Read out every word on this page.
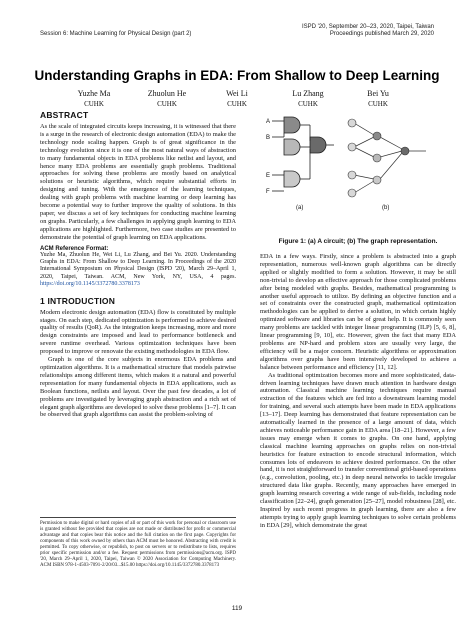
Session 6: Machine Learning for Physical Design (part 2)
ISPD '20, September 20–23, 2020, Taipei, Taiwan
Proceedings published March 29, 2020
Understanding Graphs in EDA: From Shallow to Deep Learning
Yuzhe Ma
CUHK
Zhuolun He
CUHK
Wei Li
CUHK
Lu Zhang
CUHK
Bei Yu
CUHK
ABSTRACT

As the scale of integrated circuits keeps increasing, it is witnessed that there is a surge in the research of electronic design automation (EDA) to make the technology node scaling happen. Graph is of great significance in the technology evolution since it is one of the most natural ways of abstraction to many fundamental objects in EDA problems like netlist and layout, and hence many EDA problems are essentially graph problems. Traditional approaches for solving these problems are mostly based on analytical solutions or heuristic algorithms, which require substantial efforts in designing and tuning. With the emergence of the learning techniques, dealing with graph problems with machine learning or deep learning has become a potential way to further improve the quality of solutions. In this paper, we discuss a set of key techniques for conducting machine learning on graphs. Particularly, a few challenges in applying graph learning to EDA applications are highlighted. Furthermore, two case studies are presented to demonstrate the potential of graph learning on EDA applications.

ACM Reference Format:

Yuzhe Ma, Zhuolun He, Wei Li, Lu Zhang, and Bei Yu. 2020. Understanding Graphs in EDA: From Shallow to Deep Learning. In Proceedings of the 2020 International Symposium on Physical Design (ISPD '20), March 29–April 1, 2020, Taipei, Taiwan. ACM, New York, NY, USA, 4 pages. https://doi.org/10.1145/3372780.3378173

1 INTRODUCTION

Modern electronic design automation (EDA) flow is constituted by multiple stages. On each step, dedicated optimization is performed to achieve desired quality of results (QoR). As the integration keeps increasing, more and more design constraints are imposed and lead to performance bottleneck and severe runtime overhead. Various optimization techniques have been proposed to improve or renovate the existing methodologies in EDA flow.

Graph is one of the core subjects in enormous EDA problems and optimization algorithms. It is a mathematical structure that models pairwise relationships among different items, which makes it a natural and powerful representation for many fundamental objects in EDA applications, such as Boolean functions, netlists and layout. Over the past few decades, a lot of problems are investigated by leveraging graph abstraction and a rich set of elegant graph algorithms are developed to solve these problems [1–7]. It can be observed that graph algorithms can assist the problem-solving of

Permission to make digital or hard copies of all or part of this work for personal or classroom use is granted without fee provided that copies are not made or distributed for profit or commercial advantage and that copies bear this notice and the full citation on the first page. Copyrights for components of this work owned by others than ACM must be honored. Abstracting with credit is permitted. To copy otherwise, or republish, to post on servers or to redistribute to lists, requires prior specific permission and/or a fee. Request permissions from permissions@acm.org. ISPD '20, March 29–April 1, 2020, Taipei, Taiwan © 2020 Association for Computing Machinery. ACM ISBN 978-1-4503-7091-2/20/03...$15.00 https://doi.org/10.1145/3372780.3378173

A
B
E
F
(a)	(b)
Figure 1: (a) A circuit; (b) The graph representation.

EDA in a few ways. Firstly, since a problem is abstracted into a graph representation, numerous well-known graph algorithms can be directly applied or slightly modified to form a solution. However, it may be still non-trivial to develop an effective approach for those complicated problems after being modeled with graphs. Besides, mathematical programming is another useful approach to utilize. By defining an objective function and a set of constraints over the constructed graph, mathematical optimization methodologies can be applied to derive a solution, in which certain highly optimized software and libraries can be of great help. It is commonly seen many problems are tackled with integer linear programming (ILP) [5, 6, 8], linear programming [9, 10], etc. However, given the fact that many EDA problems are NP-hard and problem sizes are usually very large, the efficiency will be a major concern. Heuristic algorithms or approximation algorithms over graphs have been intensively developed to achieve a balance between performance and efficiency [11, 12].

As traditional optimization becomes more and more sophisticated, data-driven learning techniques have drawn much attention in hardware design automation. Classical machine learning techniques require manual extraction of the features which are fed into a downstream learning model for training, and several such attempts have been made in EDA applications [13–17]. Deep learning has demonstrated that feature representation can be automatically learned in the presence of a large amount of data, which achieves noticeable performance gain in EDA area [18–21]. However, a few issues may emerge when it comes to graphs. On one hand, applying classical machine learning approaches on graphs relies on non-trivial heuristics for feature extraction to encode structural information, which consumes lots of endeavors to achieve desired performance. On the other hand, it is not straightforward to transfer conventional grid-based operations (e.g., convolution, pooling, etc.) in deep neural networks to tackle irregular structured data like graphs. Recently, many approaches have emerged in graph learning research covering a wide range of sub-fields, including node classification [22–24], graph generation [25–27], model robustness [28], etc. Inspired by such recent progress in graph learning, there are also a few attempts trying to apply graph learning techniques to solve certain problems in EDA [29], which demonstrate the great

119
